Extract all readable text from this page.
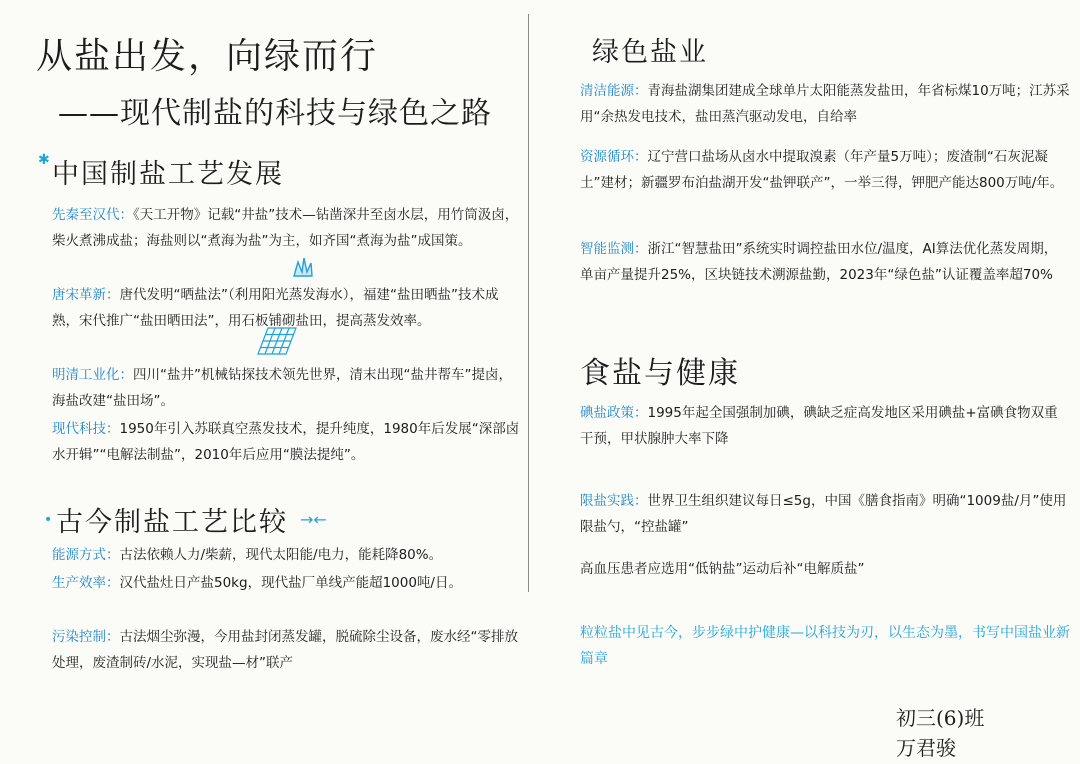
从盐出发，向绿而行
——现代制盐的科技与绿色之路
✱ 中国制盐工艺发展
先秦至汉代：《天工开物》记载“井盐”技术—钻凿深井至卤水层，用竹筒汲卤，柴火煮沸成盐；海盐则以“煮海为盐”为主，如齐国“煮海为盐”成国策。
唐宋革新：唐代发明“晒盐法”（利用阳光蒸发海水），福建“盐田晒盐”技术成熟，宋代推广“盐田晒田法”，用石板铺砌盐田，提高蒸发效率。
明清工业化：四川“盐井”机械钻探技术领先世界，清末出现“盐井帮车”提卤，海盐改建“盐田场”。
现代科技：1950年引入苏联真空蒸发技术，提升纯度，1980年后发展“深部卤水开辑”“电解法制盐”，2010年后应用“膜法提纯”。
• 古今制盐工艺比较 →←
能源方式：古法依赖人力/柴薪，现代太阳能/电力，能耗降80%。
生产效率：汉代盐灶日产盐50kg，现代盐厂单线产能超1000吨/日。
污染控制：古法烟尘弥漫，今用盐封闭蒸发罐，脱硫除尘设备，废水经“零排放处理，废渣制砖/水泥，实现盐—材”联产
绿色盐业
清洁能源：青海盐湖集团建成全球单片太阳能蒸发盐田，年省标煤10万吨；江苏采用“余热发电技术，盐田蒸汽驱动发电，自给率
资源循环：辽宁营口盐场从卤水中提取溴素（年产量5万吨）；废渣制“石灰泥凝土”建材；新疆罗布泊盐湖开发“盐钾联产”，一举三得，钾肥产能达800万吨/年。
智能监测：浙江“智慧盐田”系统实时调控盐田水位/温度，AI算法优化蒸发周期，单亩产量提升25%，区块链技术溯源盐勤，2023年“绿色盐”认证覆盖率超70%
食盐与健康
碘盐政策：1995年起全国强制加碘，碘缺乏症高发地区采用碘盐+富碘食物双重干预，甲状腺肿大率下降
限盐实践：世界卫生组织建议每日≤5g，中国《膳食指南》明确“1009盐/月”使用限盐勺，“控盐罐”
高血压患者应选用“低钠盐”运动后补“电解质盐”
粒粒盐中见古今，步步绿中护健康—以科技为刃，以生态为墨，书写中国盐业新篇章
初三(6)班
万君骏
